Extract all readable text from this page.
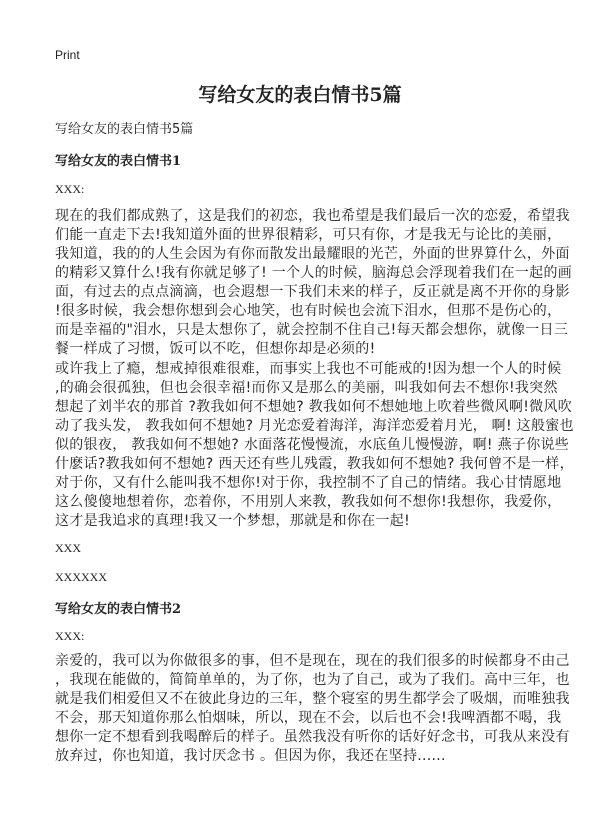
Print
写给女友的表白情书5篇
写给女友的表白情书5篇
写给女友的表白情书1
XXX:
现在的我们都成熟了，这是我们的初恋，我也希望是我们最后一次的恋爱，希望我
们能一直走下去!我知道外面的世界很精彩，可只有你，才是我无与论比的美丽，
我知道，我的的人生会因为有你而散发出最耀眼的光芒，外面的世界算什么，外面
的精彩又算什么!我有你就足够了! 一个人的时候，脑海总会浮现着我们在一起的画
面，有过去的点点滴滴，也会遐想一下我们未来的样子，反正就是离不开你的身影
!很多时候，我会想你想到会心地笑，也有时候也会流下泪水，但那不是伤心的，
而是幸福的"泪水，只是太想你了，就会控制不住自己!每天都会想你，就像一日三
餐一样成了习惯，饭可以不吃，但想你却是必须的!
或许我上了瘾，想戒掉很难很难，而事实上我也不可能戒的!因为想一个人的时候
,的确会很孤独，但也会很幸福!而你又是那么的美丽，叫我如何去不想你!我突然
想起了刘半农的那首 ?教我如何不想她? 教我如何不想她地上吹着些微风啊!微风吹
动了我头发， 教我如何不想她? 月光恋爱着海洋，海洋恋爱着月光， 啊! 这般蜜也
似的银夜， 教我如何不想她? 水面落花慢慢流，水底鱼儿慢慢游，啊! 燕子你说些
什麽话?教我如何不想她? 西天还有些儿残霞，教我如何不想她? 我何曾不是一样，
对于你，又有什么能叫我不想你!对于你，我控制不了自己的情绪。我心甘情愿地
这么傻傻地想着你，恋着你，不用别人来教，教我如何不想你!我想你，我爱你，
这才是我追求的真理!我又一个梦想，那就是和你在一起!
XXX
XXXXXX
写给女友的表白情书2
XXX:
亲爱的，我可以为你做很多的事，但不是现在，现在的我们很多的时候都身不由己
，我现在能做的，简简单单的，为了你，也为了自己，或为了我们。高中三年，也
就是我们相爱但又不在彼此身边的三年，整个寝室的男生都学会了吸烟，而唯独我
不会，那天知道你那么怕烟味，所以，现在不会，以后也不会!我啤酒都不喝，我
想你一定不想看到我喝醉后的样子。虽然我没有听你的话好好念书，可我从来没有
放弃过，你也知道，我讨厌念书 。但因为你，我还在坚持......
